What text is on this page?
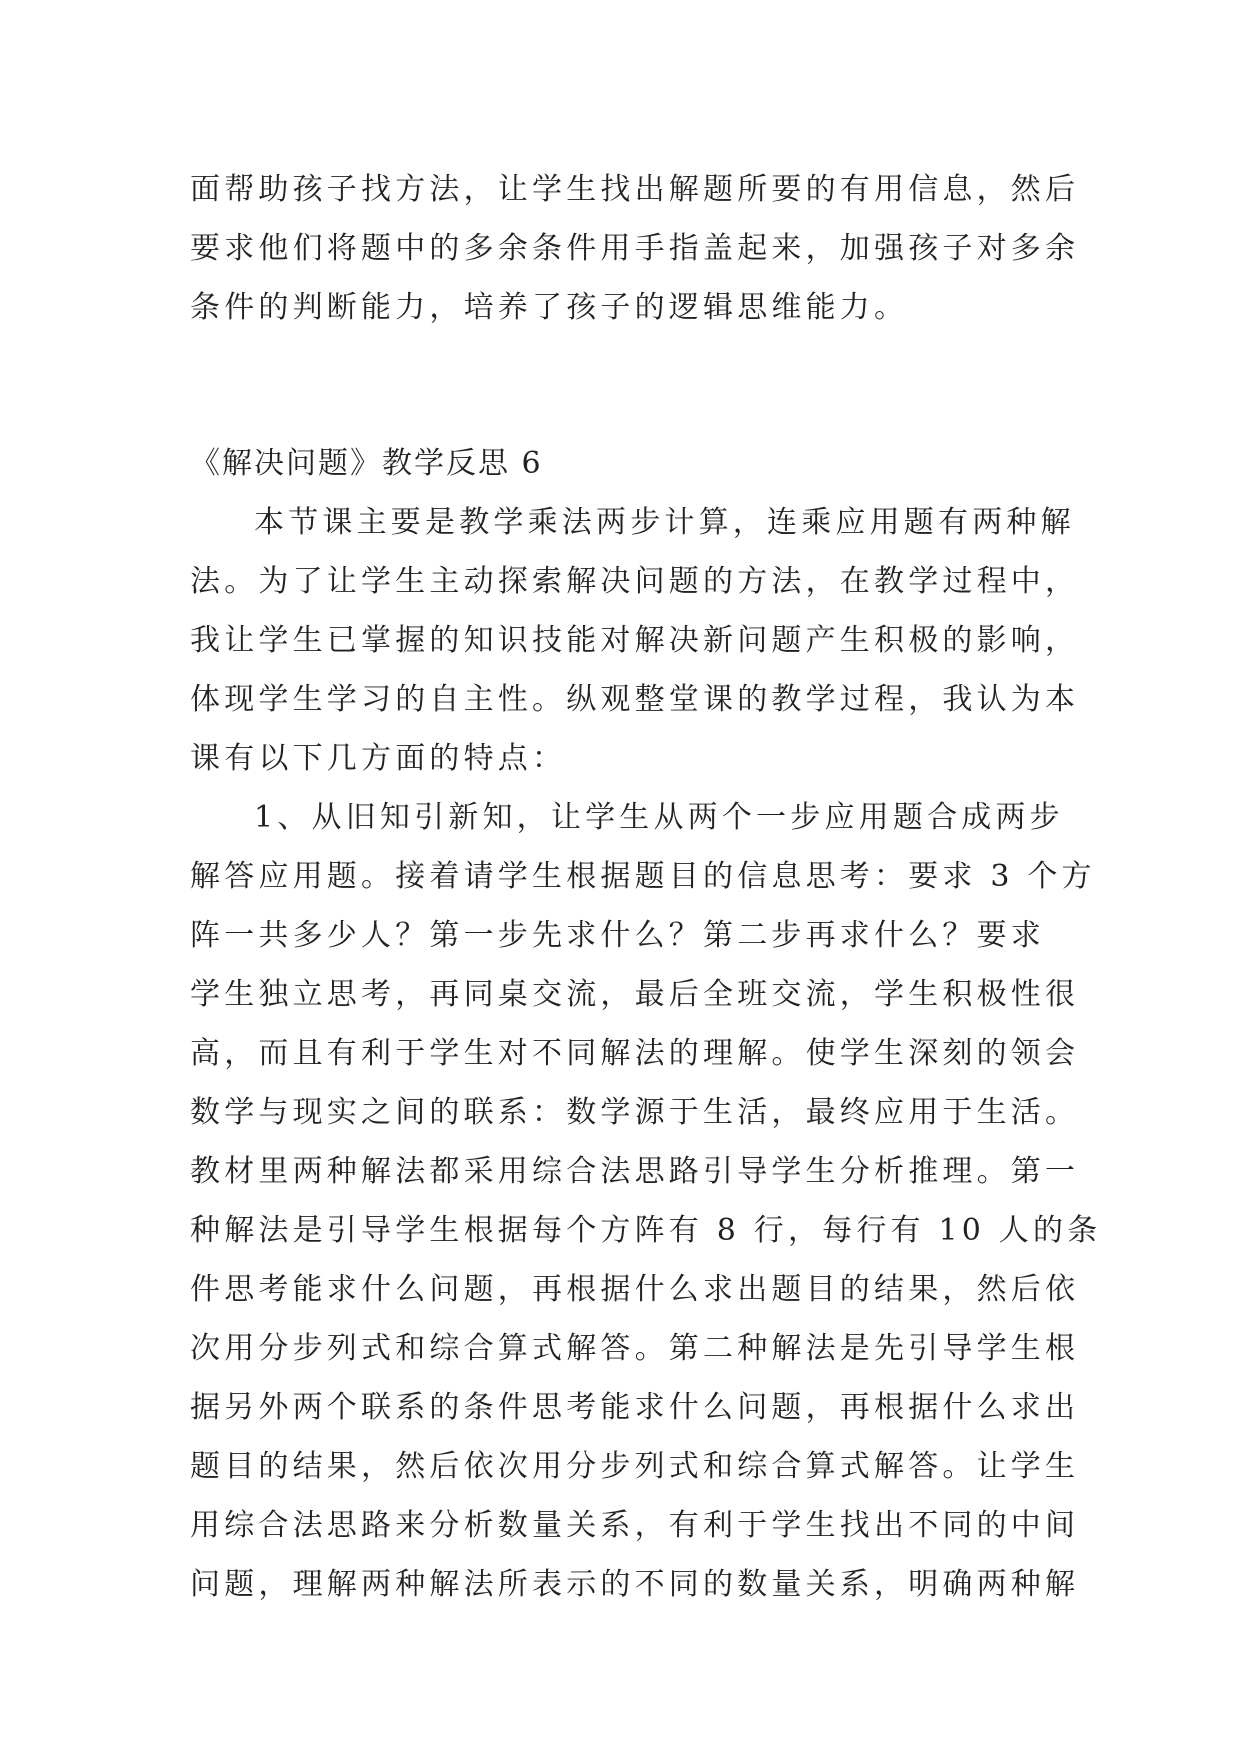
面帮助孩子找方法，让学生找出解题所要的有用信息，然后
要求他们将题中的多余条件用手指盖起来，加强孩子对多余
条件的判断能力，培养了孩子的逻辑思维能力。
《解决问题》教学反思 6
本节课主要是教学乘法两步计算，连乘应用题有两种解
法。为了让学生主动探索解决问题的方法，在教学过程中，
我让学生已掌握的知识技能对解决新问题产生积极的影响，
体现学生学习的自主性。纵观整堂课的教学过程，我认为本
课有以下几方面的特点：
1、从旧知引新知，让学生从两个一步应用题合成两步
解答应用题。接着请学生根据题目的信息思考：要求 3 个方
阵一共多少人？第一步先求什么？第二步再求什么？要求
学生独立思考，再同桌交流，最后全班交流，学生积极性很
高，而且有利于学生对不同解法的理解。使学生深刻的领会
数学与现实之间的联系：数学源于生活，最终应用于生活。
教材里两种解法都采用综合法思路引导学生分析推理。第一
种解法是引导学生根据每个方阵有 8 行，每行有 10 人的条
件思考能求什么问题，再根据什么求出题目的结果，然后依
次用分步列式和综合算式解答。第二种解法是先引导学生根
据另外两个联系的条件思考能求什么问题，再根据什么求出
题目的结果，然后依次用分步列式和综合算式解答。让学生
用综合法思路来分析数量关系，有利于学生找出不同的中间
问题，理解两种解法所表示的不同的数量关系，明确两种解
